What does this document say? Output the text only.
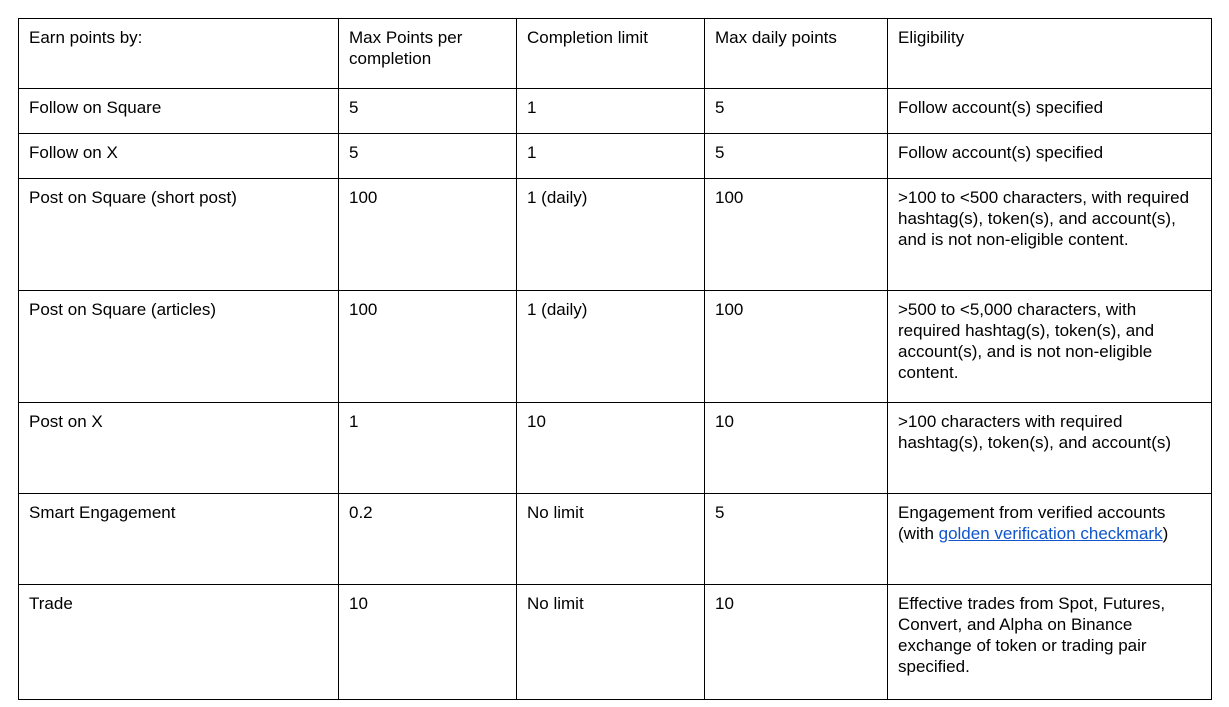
Earn points by:	Max Points per completion	Completion limit	Max daily points	Eligibility
Follow on Square	5	1	5	Follow account(s) specified
Follow on X	5	1	5	Follow account(s) specified
Post on Square (short post)	100	1 (daily)	100	>100 to <500 characters, with required hashtag(s), token(s), and account(s), and is not non-eligible content.
Post on Square (articles)	100	1 (daily)	100	>500 to <5,000 characters, with required hashtag(s), token(s), and account(s), and is not non-eligible content.
Post on X	1	10	10	>100 characters with required hashtag(s), token(s), and account(s)
Smart Engagement	0.2	No limit	5	Engagement from verified accounts (with golden verification checkmark)
Trade	10	No limit	10	Effective trades from Spot, Futures, Convert, and Alpha on Binance exchange of token or trading pair specified.
